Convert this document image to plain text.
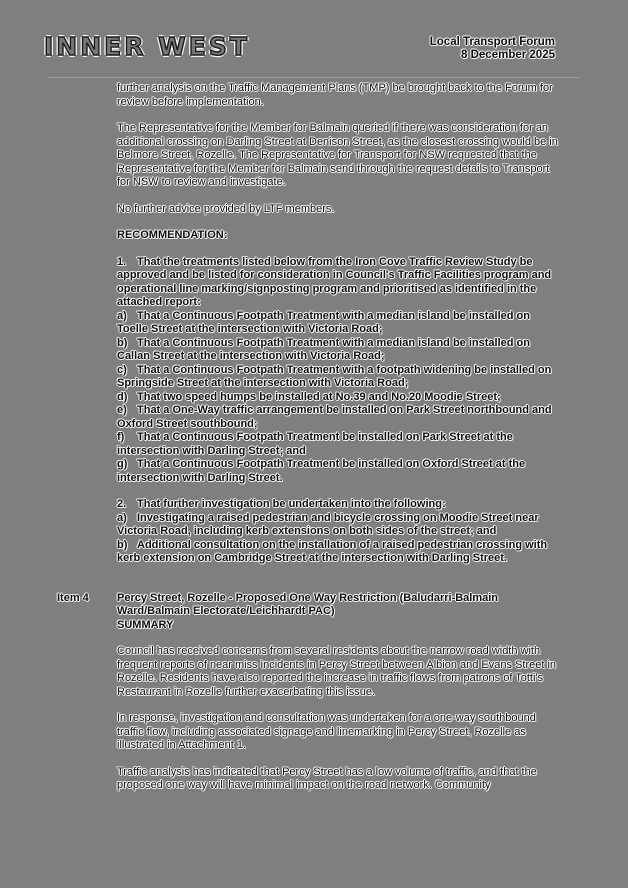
INNER WEST	Local Transport Forum
8 December 2025

further analysis on the Traffic Management Plans (TMP) be brought back to the Forum for review before implementation.

The Representative for the Member for Balmain queried if there was consideration for an additional crossing on Darling Street at Denison Street, as the closest crossing would be in Belmore Street, Rozelle. The Representative for Transport for NSW requested that the Representative for the Member for Balmain send through the request details to Transport for NSW to review and investigate.

No further advice provided by LTF members.

RECOMMENDATION:

1. That the treatments listed below from the Iron Cove Traffic Review Study be approved and be listed for consideration in Council's Traffic Facilities program and operational line marking/signposting program and prioritised as identified in the attached report:

a) That a Continuous Footpath Treatment with a median island be installed on Toelle Street at the intersection with Victoria Road;

b) That a Continuous Footpath Treatment with a median island be installed on Callan Street at the intersection with Victoria Road;

c) That a Continuous Footpath Treatment with a footpath widening be installed on Springside Street at the intersection with Victoria Road;

d) That two speed humps be installed at No.39 and No.20 Moodie Street;

e) That a One-Way traffic arrangement be installed on Park Street northbound and Oxford Street southbound;

f) That a Continuous Footpath Treatment be installed on Park Street at the intersection with Darling Street; and

g) That a Continuous Footpath Treatment be installed on Oxford Street at the intersection with Darling Street.

2. That further investigation be undertaken into the following:

a) Investigating a raised pedestrian and bicycle crossing on Moodie Street near Victoria Road, including kerb extensions on both sides of the street; and

b) Additional consultation on the installation of a raised pedestrian crossing with kerb extension on Cambridge Street at the intersection with Darling Street.

Item 4	Percy Street, Rozelle - Proposed One Way Restriction (Baludarri-Balmain Ward/Balmain Electorate/Leichhardt PAC)

SUMMARY

Council has received concerns from several residents about the narrow road width with frequent reports of near miss incidents in Percy Street between Albion and Evans Street in Rozelle. Residents have also reported the increase in traffic flows from patrons of Totti's Restaurant in Rozelle further exacerbating this issue.

In response, investigation and consultation was undertaken for a one-way southbound traffic flow, including associated signage and linemarking in Percy Street, Rozelle as illustrated in Attachment 1.

Traffic analysis has indicated that Percy Street has a low volume of traffic, and that the proposed one way will have minimal impact on the road network. Community
